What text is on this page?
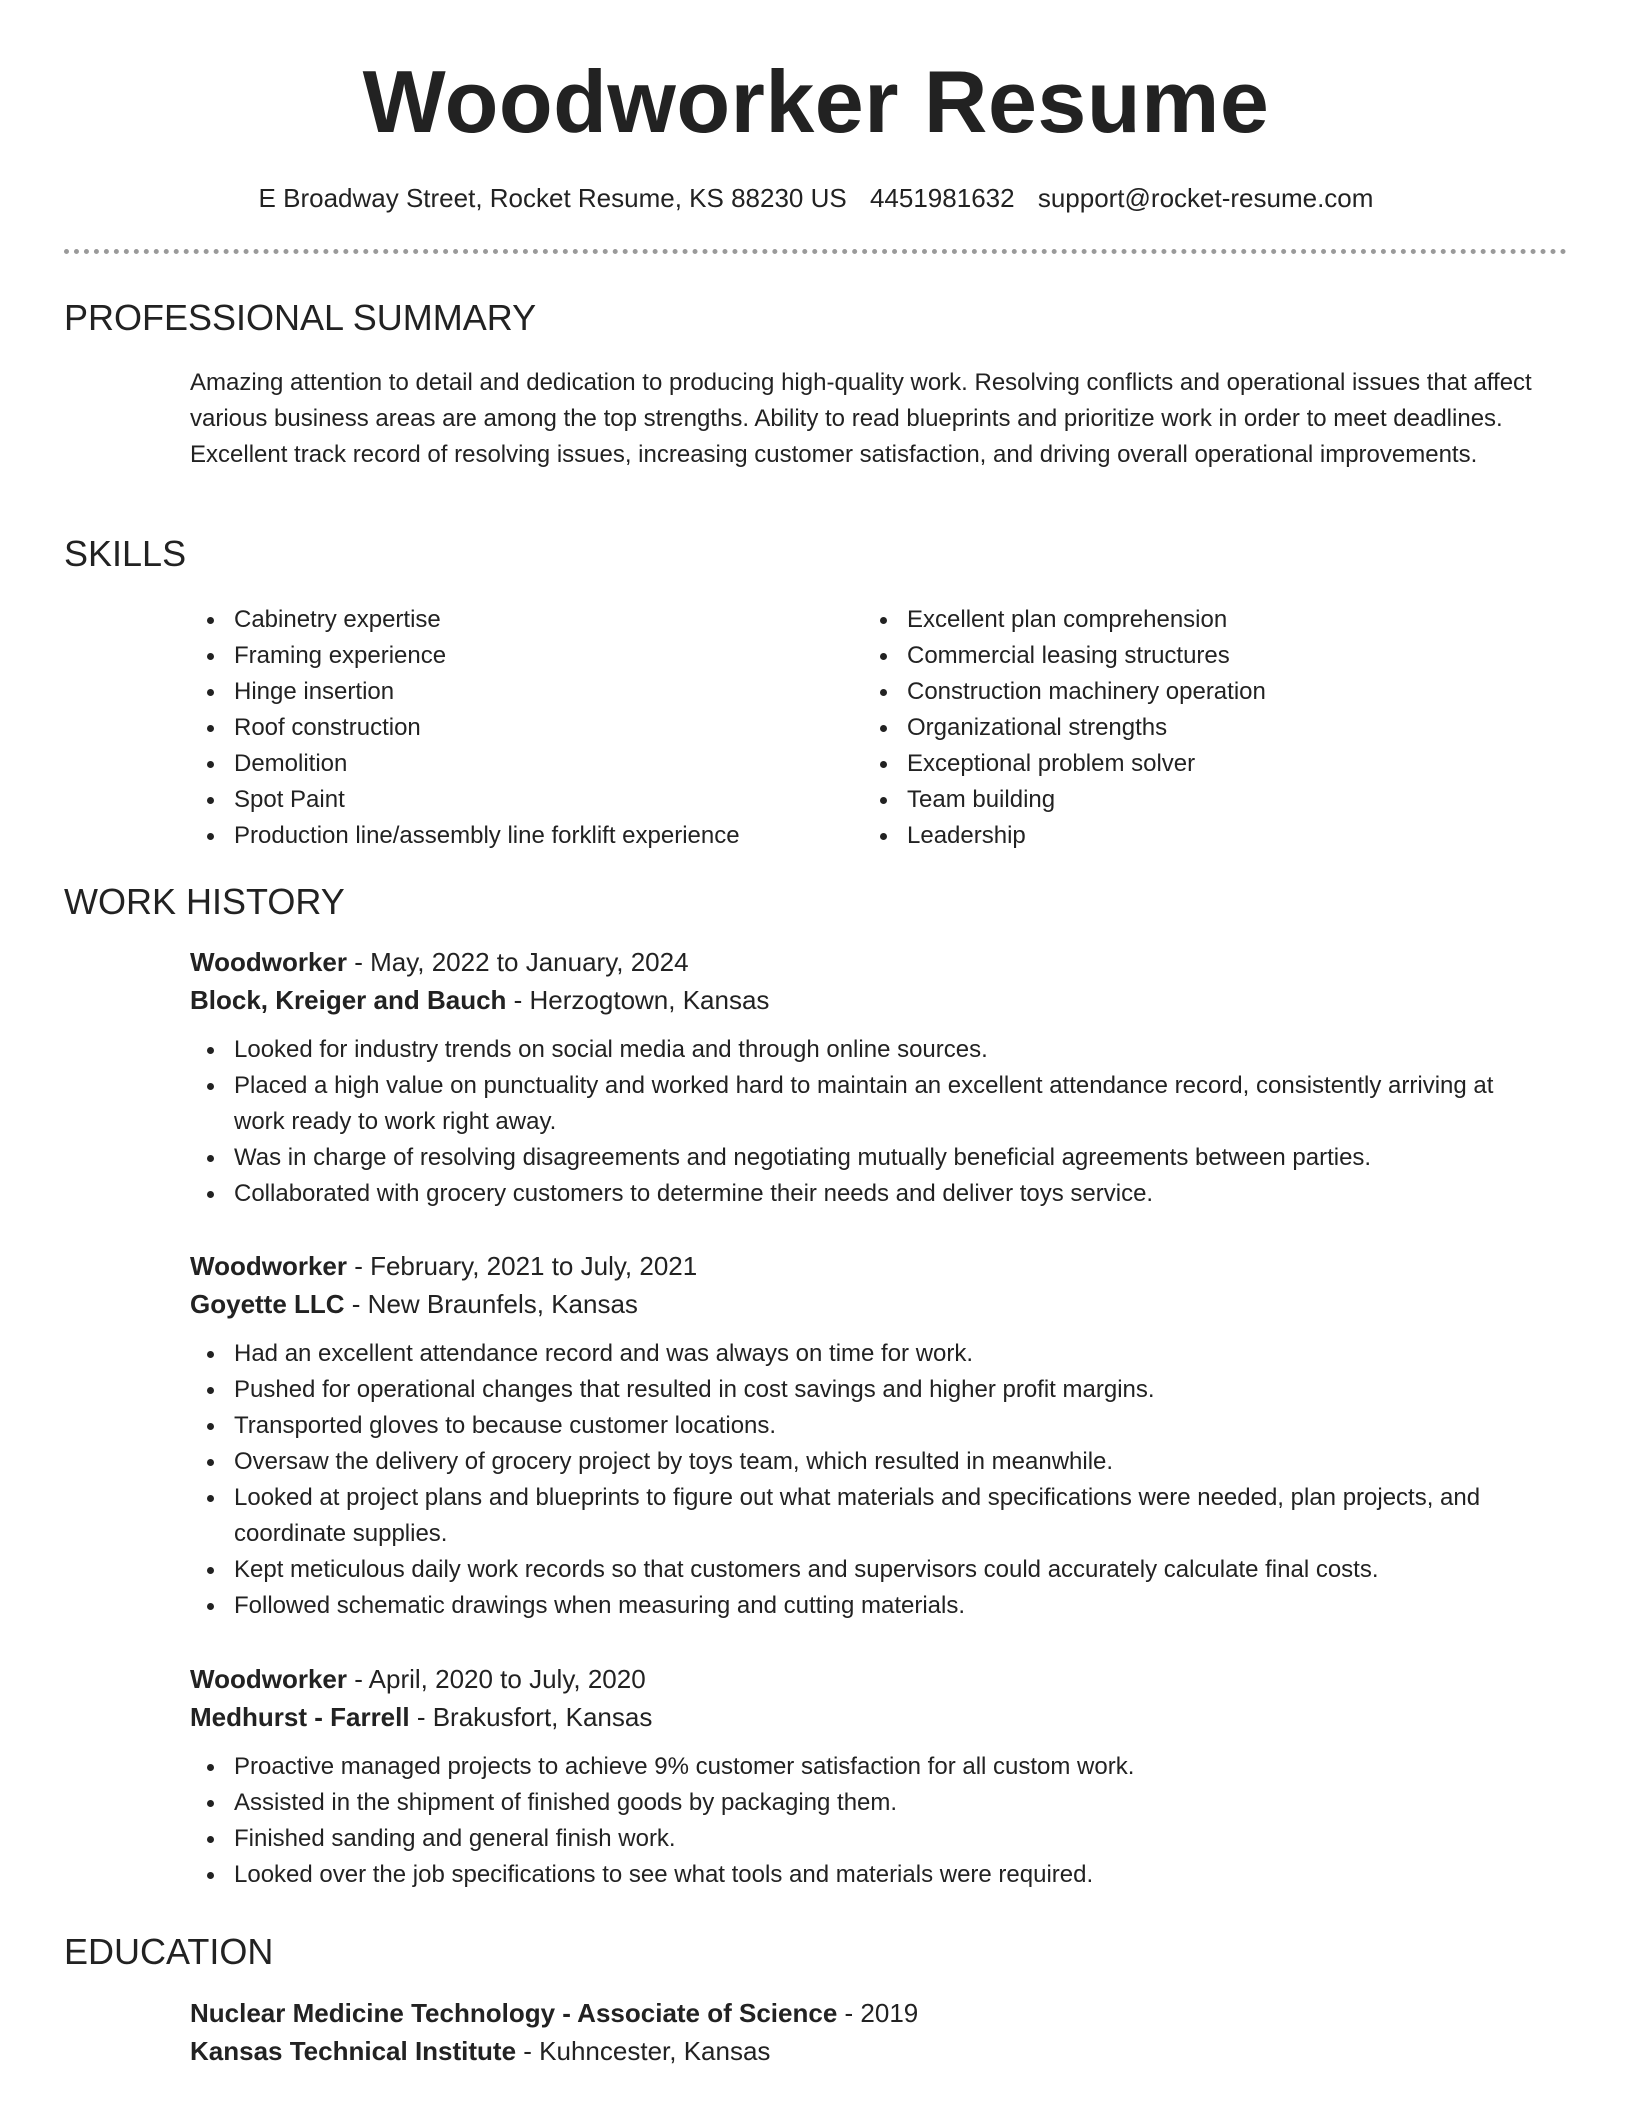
Woodworker Resume
E Broadway Street, Rocket Resume, KS 88230 US 4451981632 support@rocket-resume.com
PROFESSIONAL SUMMARY

Amazing attention to detail and dedication to producing high-quality work. Resolving conflicts and operational issues that affect various business areas are among the top strengths. Ability to read blueprints and prioritize work in order to meet deadlines. Excellent track record of resolving issues, increasing customer satisfaction, and driving overall operational improvements.

SKILLS
Cabinetry expertise
Framing experience
Hinge insertion
Roof construction
Demolition
Spot Paint
Production line/assembly line forklift experience
Excellent plan comprehension
Commercial leasing structures
Construction machinery operation
Organizational strengths
Exceptional problem solver
Team building
Leadership
WORK HISTORY

Woodworker - May, 2022 to January, 2024

Block, Kreiger and Bauch - Herzogtown, Kansas

Looked for industry trends on social media and through online sources.
Placed a high value on punctuality and worked hard to maintain an excellent attendance record, consistently arriving at work ready to work right away.
Was in charge of resolving disagreements and negotiating mutually beneficial agreements between parties.
Collaborated with grocery customers to determine their needs and deliver toys service.

Woodworker - February, 2021 to July, 2021

Goyette LLC - New Braunfels, Kansas

Had an excellent attendance record and was always on time for work.
Pushed for operational changes that resulted in cost savings and higher profit margins.
Transported gloves to because customer locations.
Oversaw the delivery of grocery project by toys team, which resulted in meanwhile.
Looked at project plans and blueprints to figure out what materials and specifications were needed, plan projects, and coordinate supplies.
Kept meticulous daily work records so that customers and supervisors could accurately calculate final costs.
Followed schematic drawings when measuring and cutting materials.

Woodworker - April, 2020 to July, 2020

Medhurst - Farrell - Brakusfort, Kansas

Proactive managed projects to achieve 9% customer satisfaction for all custom work.
Assisted in the shipment of finished goods by packaging them.
Finished sanding and general finish work.
Looked over the job specifications to see what tools and materials were required.
EDUCATION

Nuclear Medicine Technology - Associate of Science - 2019

Kansas Technical Institute - Kuhncester, Kansas
